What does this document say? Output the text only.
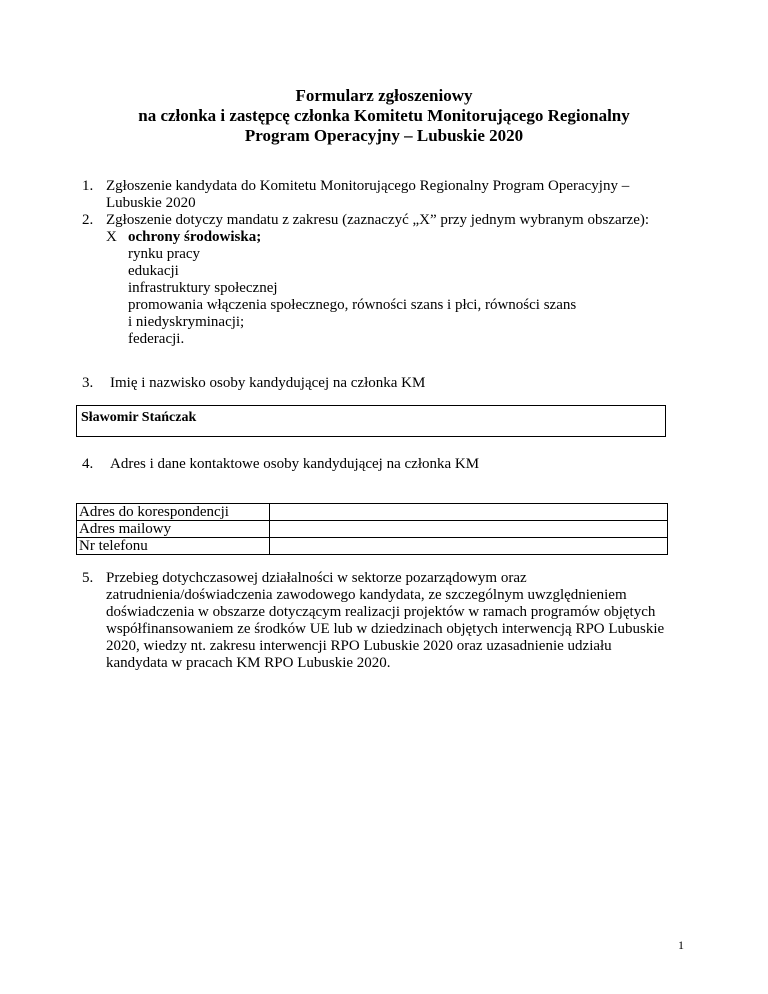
Formularz zgłoszeniowy
na członka i zastępcę członka Komitetu Monitorującego Regionalny
Program Operacyjny – Lubuskie 2020
1. Zgłoszenie kandydata do Komitetu Monitorującego Regionalny Program Operacyjny –
Lubuskie 2020
2. Zgłoszenie dotyczy mandatu z zakresu (zaznaczyć „X” przy jednym wybranym obszarze):
X ochrony środowiska;
rynku pracy
edukacji
infrastruktury społecznej
promowania włączenia społecznego, równości szans i płci, równości szans
i niedyskryminacji;
federacji.
3. Imię i nazwisko osoby kandydującej na członka KM
Sławomir Stańczak
4. Adres i dane kontaktowe osoby kandydującej na członka KM
Adres do korespondencji	
Adres mailowy	
Nr telefonu	
5. Przebieg dotychczasowej działalności w sektorze pozarządowym oraz
zatrudnienia/doświadczenia zawodowego kandydata, ze szczególnym uwzględnieniem
doświadczenia w obszarze dotyczącym realizacji projektów w ramach programów objętych
współfinansowaniem ze środków UE lub w dziedzinach objętych interwencją RPO Lubuskie
2020, wiedzy nt. zakresu interwencji RPO Lubuskie 2020 oraz uzasadnienie udziału
kandydata w pracach KM RPO Lubuskie 2020.
1
